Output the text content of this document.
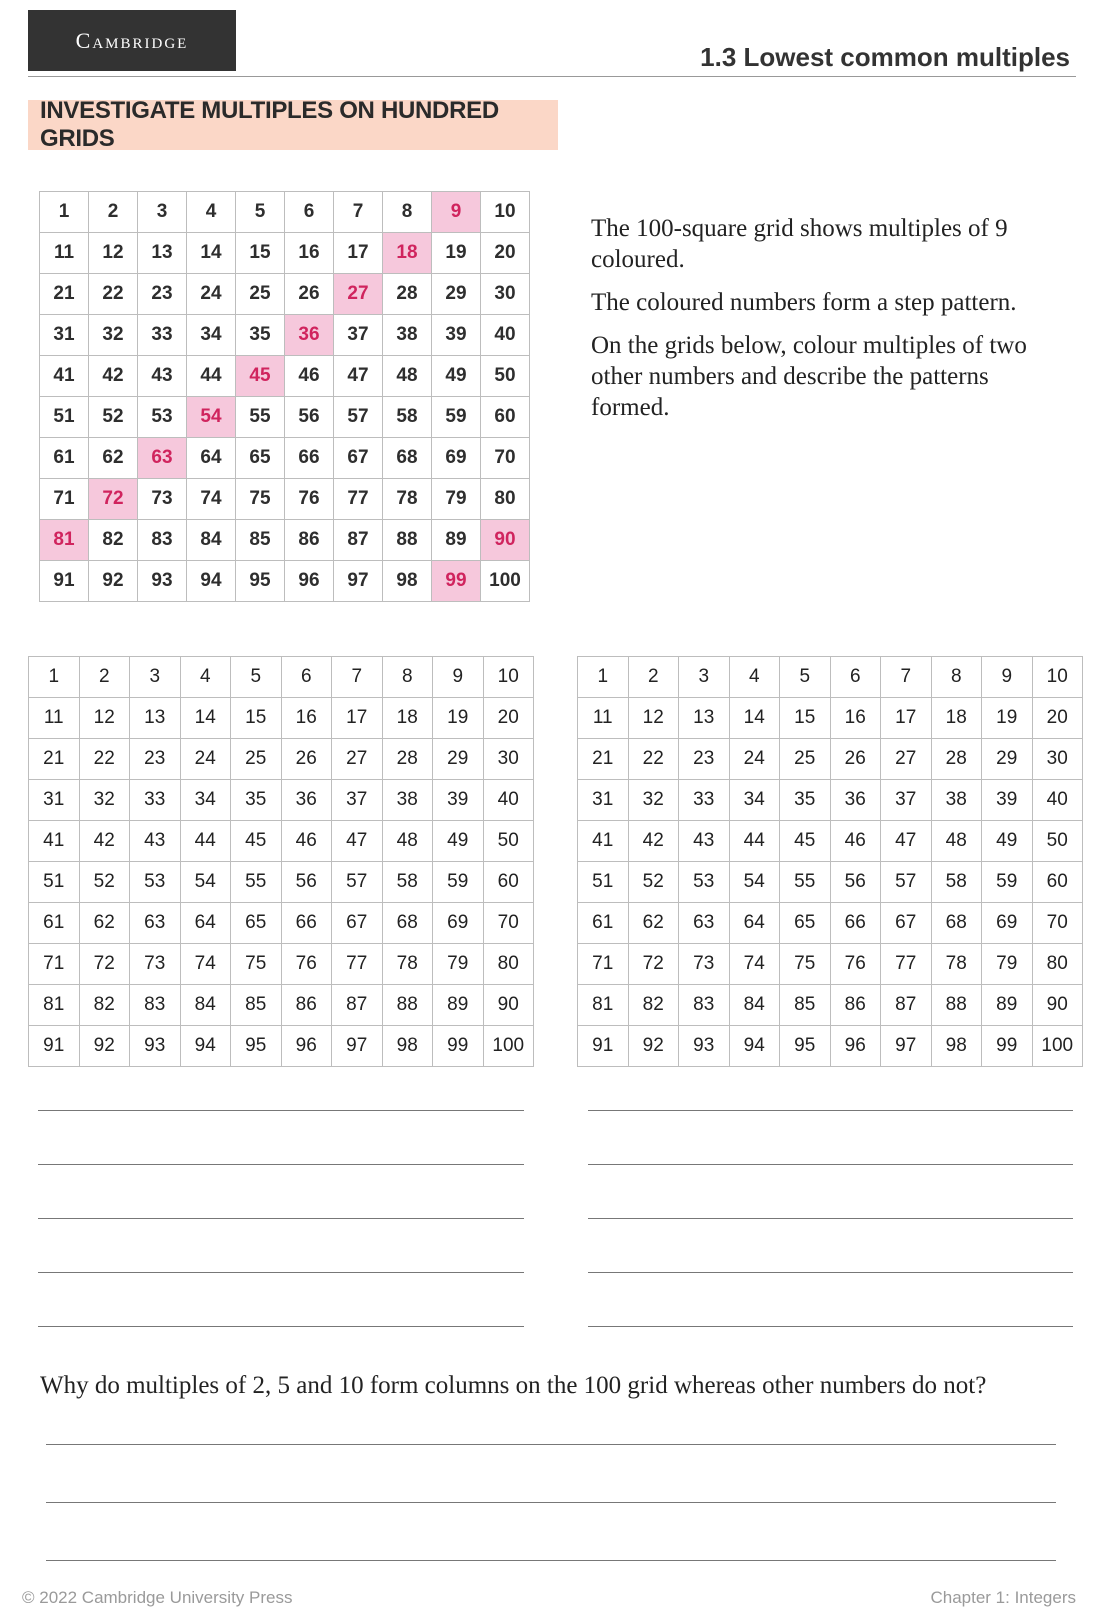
Cambridge
1.3 Lowest common multiples
INVESTIGATE MULTIPLES ON HUNDRED GRIDS
1	2	3	4	5	6	7	8	9	10
11	12	13	14	15	16	17	18	19	20
21	22	23	24	25	26	27	28	29	30
31	32	33	34	35	36	37	38	39	40
41	42	43	44	45	46	47	48	49	50
51	52	53	54	55	56	57	58	59	60
61	62	63	64	65	66	67	68	69	70
71	72	73	74	75	76	77	78	79	80
81	82	83	84	85	86	87	88	89	90
91	92	93	94	95	96	97	98	99	100

The 100-square grid shows multiples of 9 coloured.

The coloured numbers form a step pattern.

On the grids below, colour multiples of two other numbers and describe the patterns formed.

1	2	3	4	5	6	7	8	9	10
11	12	13	14	15	16	17	18	19	20
21	22	23	24	25	26	27	28	29	30
31	32	33	34	35	36	37	38	39	40
41	42	43	44	45	46	47	48	49	50
51	52	53	54	55	56	57	58	59	60
61	62	63	64	65	66	67	68	69	70
71	72	73	74	75	76	77	78	79	80
81	82	83	84	85	86	87	88	89	90
91	92	93	94	95	96	97	98	99	100
1	2	3	4	5	6	7	8	9	10
11	12	13	14	15	16	17	18	19	20
21	22	23	24	25	26	27	28	29	30
31	32	33	34	35	36	37	38	39	40
41	42	43	44	45	46	47	48	49	50
51	52	53	54	55	56	57	58	59	60
61	62	63	64	65	66	67	68	69	70
71	72	73	74	75	76	77	78	79	80
81	82	83	84	85	86	87	88	89	90
91	92	93	94	95	96	97	98	99	100
Why do multiples of 2, 5 and 10 form columns on the 100 grid whereas other numbers do not?
© 2022 Cambridge University Press	Chapter 1: Integers
